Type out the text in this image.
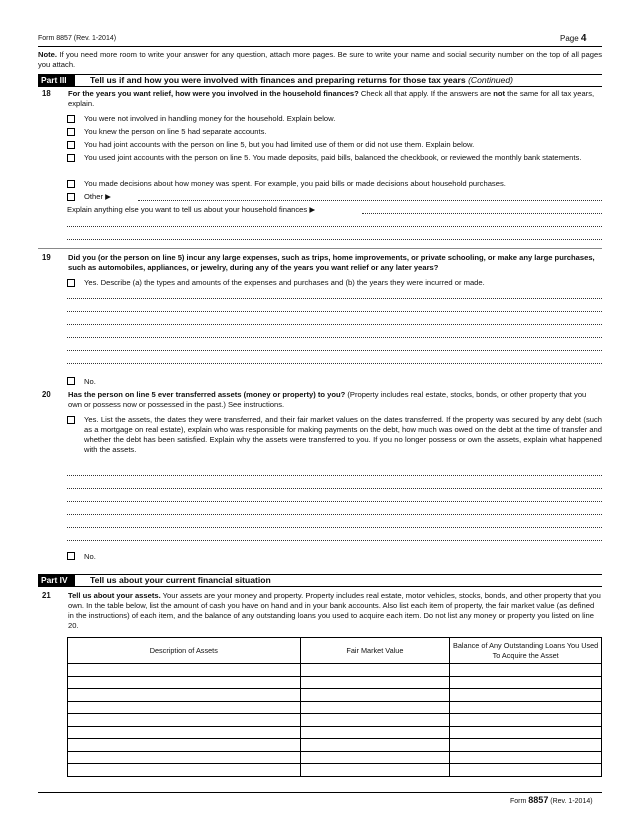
Form 8857 (Rev. 1-2014)	Page 4
Note. If you need more room to write your answer for any question, attach more pages. Be sure to write your name and social security number on the top of all pages you attach.
Part III	Tell us if and how you were involved with finances and preparing returns for those tax years (Continued)
18 For the years you want relief, how were you involved in the household finances? Check all that apply. If the answers are not the same for all tax years, explain.
You were not involved in handling money for the household. Explain below.
You knew the person on line 5 had separate accounts.
You had joint accounts with the person on line 5, but you had limited use of them or did not use them. Explain below.
You used joint accounts with the person on line 5. You made deposits, paid bills, balanced the checkbook, or reviewed the monthly bank statements.
You made decisions about how money was spent. For example, you paid bills or made decisions about household purchases.
Other ▶
Explain anything else you want to tell us about your household finances ▶
19 Did you (or the person on line 5) incur any large expenses, such as trips, home improvements, or private schooling, or make any large purchases, such as automobiles, appliances, or jewelry, during any of the years you want relief or any later years?
Yes. Describe (a) the types and amounts of the expenses and purchases and (b) the years they were incurred or made.
No.
20 Has the person on line 5 ever transferred assets (money or property) to you? (Property includes real estate, stocks, bonds, or other property that you own or possess now or possessed in the past.) See instructions.
Yes. List the assets, the dates they were transferred, and their fair market values on the dates transferred. If the property was secured by any debt (such as a mortgage on real estate), explain who was responsible for making payments on the debt, how much was owed on the debt at the time of transfer and whether the debt has been satisfied. Explain why the assets were transferred to you. If you no longer possess or own the assets, explain what happened with the assets.
No.
Part IV	Tell us about your current financial situation
21 Tell us about your assets. Your assets are your money and property. Property includes real estate, motor vehicles, stocks, bonds, and other property that you own. In the table below, list the amount of cash you have on hand and in your bank accounts. Also list each item of property, the fair market value (as defined in the instructions) of each item, and the balance of any outstanding loans you used to acquire each item. Do not list any money or property you listed on line 20.
Description of Assets	Fair Market Value	Balance of Any Outstanding Loans You Used To Acquire the Asset

Form 8857 (Rev. 1-2014)
